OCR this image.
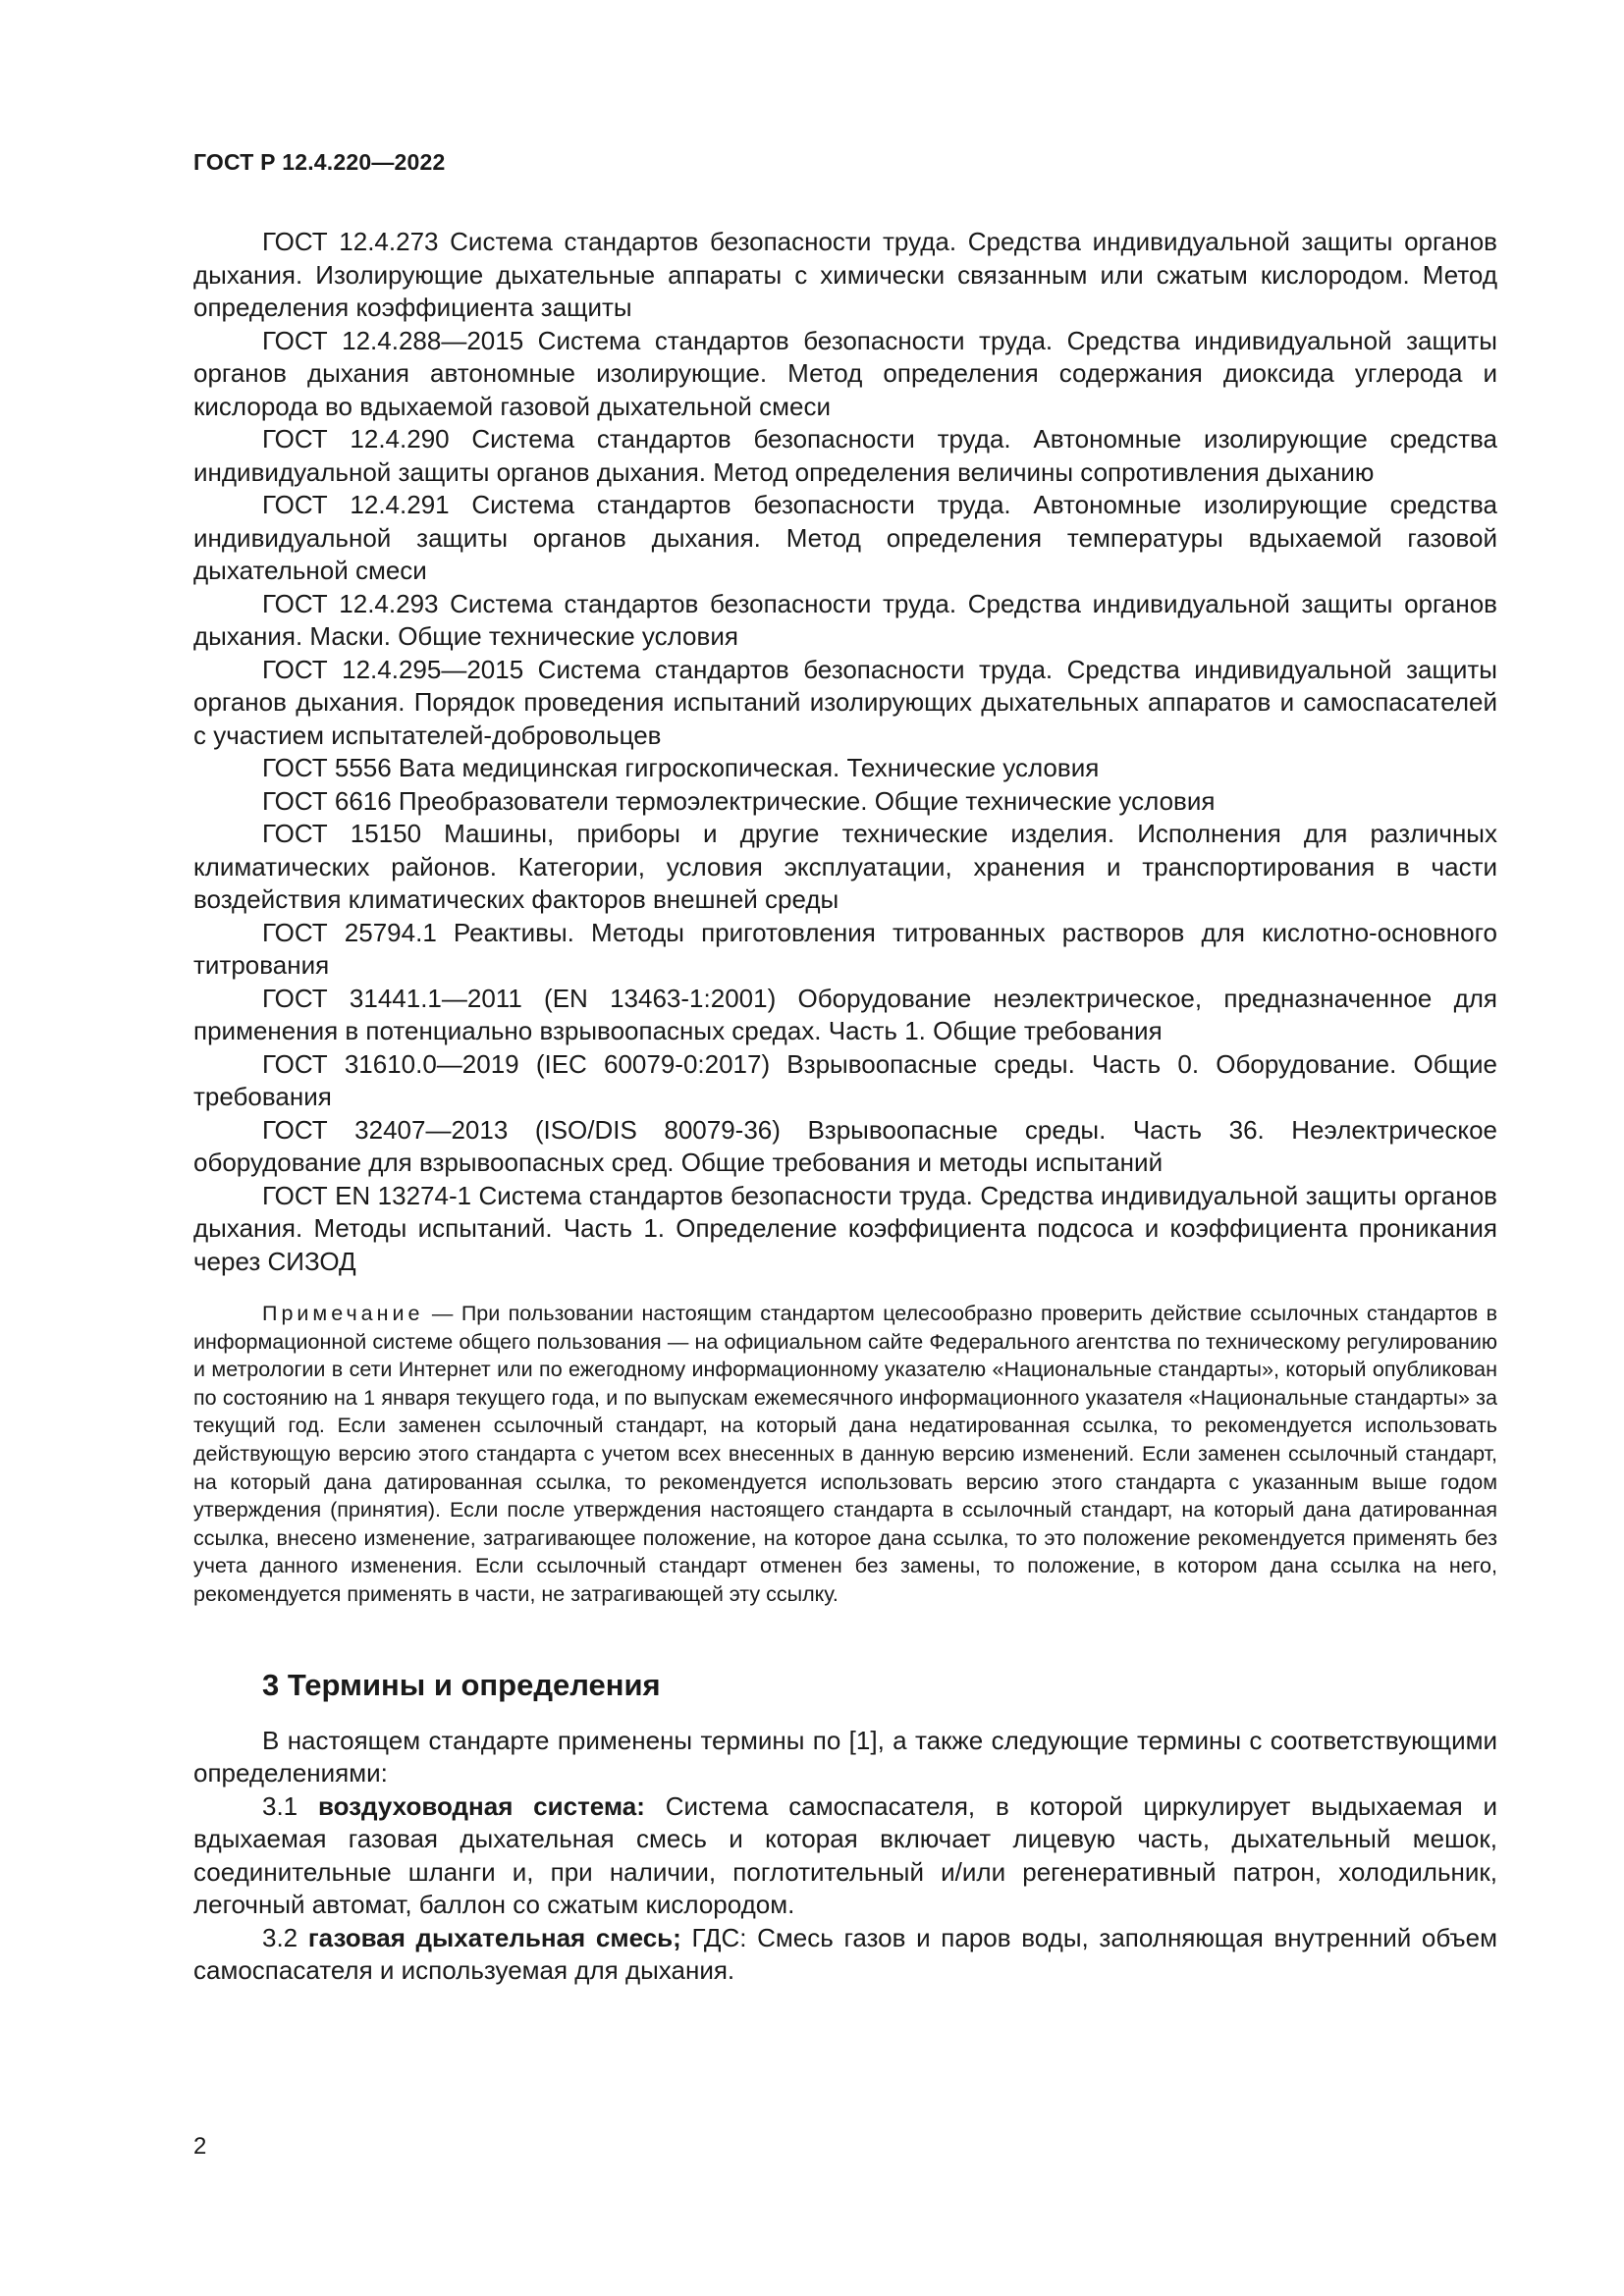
ГОСТ Р 12.4.220—2022

ГОСТ 12.4.273 Система стандартов безопасности труда. Средства индивидуальной защиты органов дыхания. Изолирующие дыхательные аппараты с химически связанным или сжатым кислородом. Метод определения коэффициента защиты

ГОСТ 12.4.288—2015 Система стандартов безопасности труда. Средства индивидуальной защиты органов дыхания автономные изолирующие. Метод определения содержания диоксида углерода и кислорода во вдыхаемой газовой дыхательной смеси

ГОСТ 12.4.290 Система стандартов безопасности труда. Автономные изолирующие средства индивидуальной защиты органов дыхания. Метод определения величины сопротивления дыханию

ГОСТ 12.4.291 Система стандартов безопасности труда. Автономные изолирующие средства индивидуальной защиты органов дыхания. Метод определения температуры вдыхаемой газовой дыхательной смеси

ГОСТ 12.4.293 Система стандартов безопасности труда. Средства индивидуальной защиты органов дыхания. Маски. Общие технические условия

ГОСТ 12.4.295—2015 Система стандартов безопасности труда. Средства индивидуальной защиты органов дыхания. Порядок проведения испытаний изолирующих дыхательных аппаратов и самоспасателей с участием испытателей-добровольцев

ГОСТ 5556 Вата медицинская гигроскопическая. Технические условия

ГОСТ 6616 Преобразователи термоэлектрические. Общие технические условия

ГОСТ 15150 Машины, приборы и другие технические изделия. Исполнения для различных климатических районов. Категории, условия эксплуатации, хранения и транспортирования в части воздействия климатических факторов внешней среды

ГОСТ 25794.1 Реактивы. Методы приготовления титрованных растворов для кислотно-основного титрования

ГОСТ 31441.1—2011 (EN 13463-1:2001) Оборудование неэлектрическое, предназначенное для применения в потенциально взрывоопасных средах. Часть 1. Общие требования

ГОСТ 31610.0—2019 (IEC 60079-0:2017) Взрывоопасные среды. Часть 0. Оборудование. Общие требования

ГОСТ 32407—2013 (ISO/DIS 80079-36) Взрывоопасные среды. Часть 36. Неэлектрическое оборудование для взрывоопасных сред. Общие требования и методы испытаний

ГОСТ EN 13274-1 Система стандартов безопасности труда. Средства индивидуальной защиты органов дыхания. Методы испытаний. Часть 1. Определение коэффициента подсоса и коэффициента проникания через СИЗОД

Примечание — При пользовании настоящим стандартом целесообразно проверить действие ссылочных стандартов в информационной системе общего пользования — на официальном сайте Федерального агентства по техническому регулированию и метрологии в сети Интернет или по ежегодному информационному указателю «Национальные стандарты», который опубликован по состоянию на 1 января текущего года, и по выпускам ежемесячного информационного указателя «Национальные стандарты» за текущий год. Если заменен ссылочный стандарт, на который дана недатированная ссылка, то рекомендуется использовать действующую версию этого стандарта с учетом всех внесенных в данную версию изменений. Если заменен ссылочный стандарт, на который дана датированная ссылка, то рекомендуется использовать версию этого стандарта с указанным выше годом утверждения (принятия). Если после утверждения настоящего стандарта в ссылочный стандарт, на который дана датированная ссылка, внесено изменение, затрагивающее положение, на которое дана ссылка, то это положение рекомендуется применять без учета данного изменения. Если ссылочный стандарт отменен без замены, то положение, в котором дана ссылка на него, рекомендуется применять в части, не затрагивающей эту ссылку.

3 Термины и определения

В настоящем стандарте применены термины по [1], а также следующие термины с соответствующими определениями:

3.1 воздуховодная система: Система самоспасателя, в которой циркулирует выдыхаемая и вдыхаемая газовая дыхательная смесь и которая включает лицевую часть, дыхательный мешок, соединительные шланги и, при наличии, поглотительный и/или регенеративный патрон, холодильник, легочный автомат, баллон со сжатым кислородом.

3.2 газовая дыхательная смесь; ГДС: Смесь газов и паров воды, заполняющая внутренний объем самоспасателя и используемая для дыхания.

2
